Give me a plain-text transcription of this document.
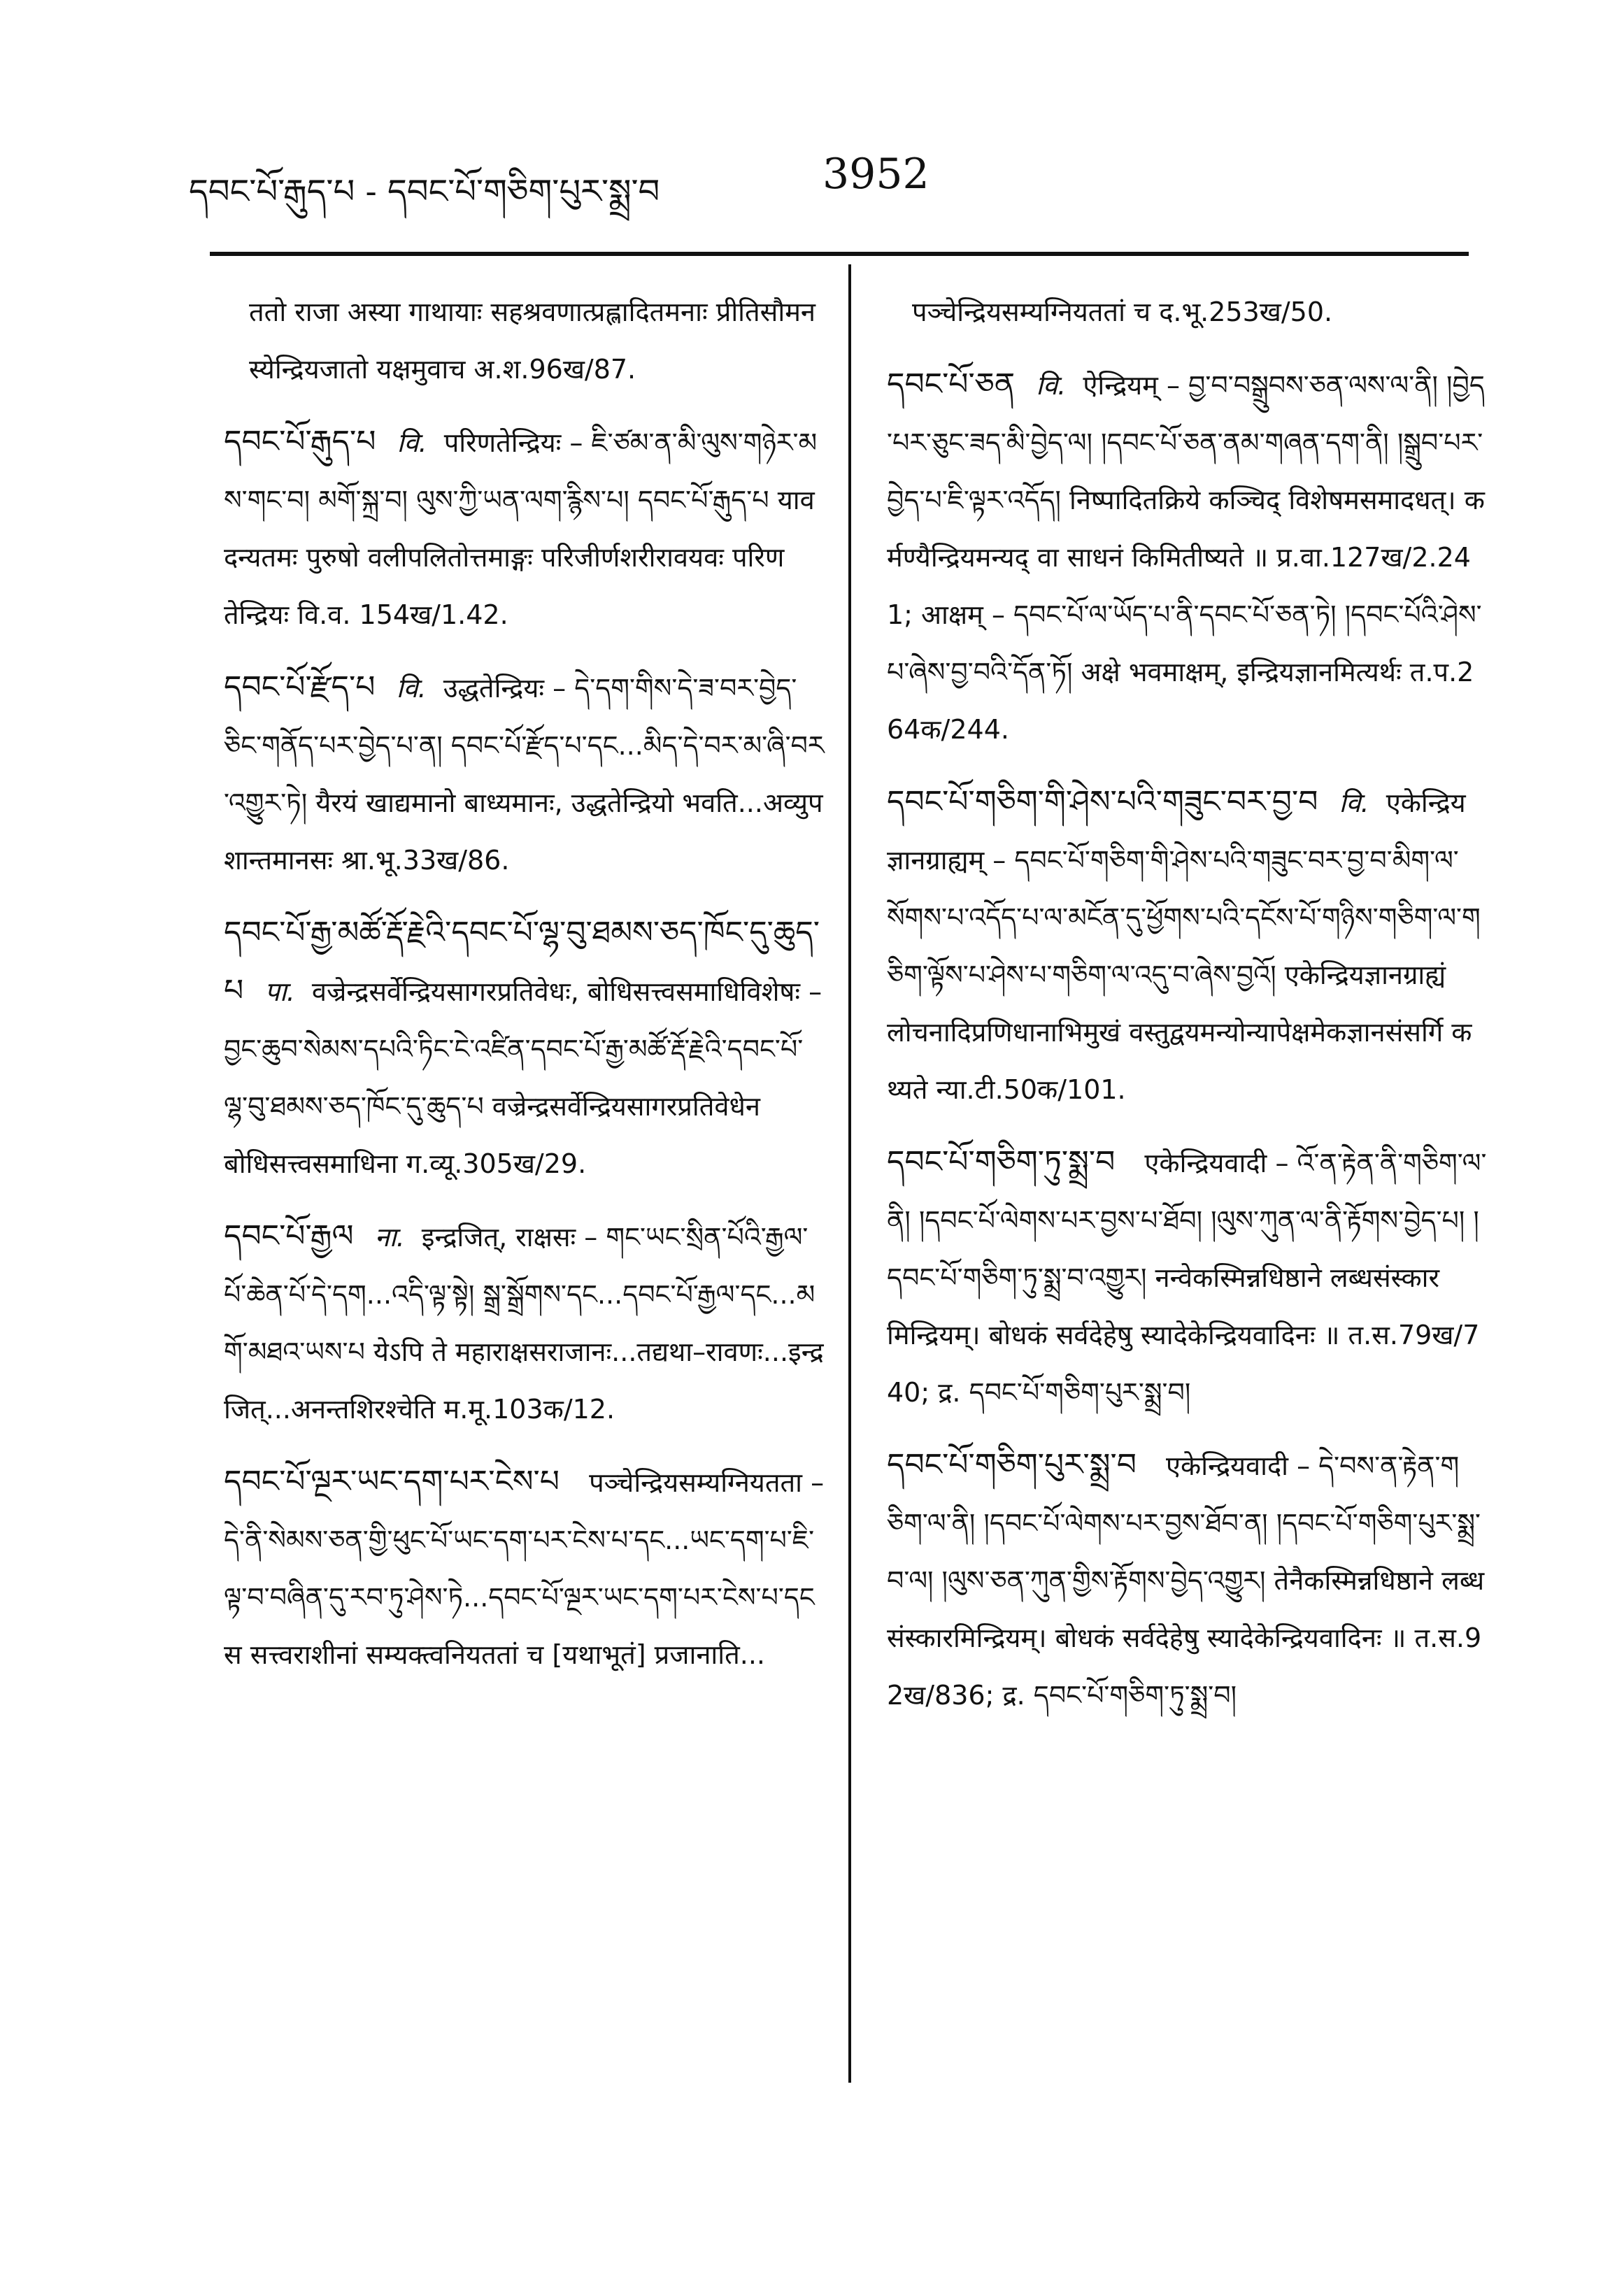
དབང་པོ་རྒུད་པ - དབང་པོ་གཅིག་པུར་སྨྲ་བ	3952
ततो राजा अस्या गाथायाः सहश्रवणात्प्रह्लादितमनाः प्रीतिसौमनस्येन्द्रियजातो यक्षमुवाच अ.श.96ख/87.
དབང་པོ་རྒུད་པ वि. परिणतेन्द्रियः – ཇི་ཙམ་ན་མི་ལུས་གཉེར་མས་གང་བ། མགོ་སྐྲ་བ། ལུས་ཀྱི་ཡན་ལག་རྙིས་པ། དབང་པོ་རྒུད་པ यावदन्यतमः पुरुषो वलीपलितोत्तमाङ्गः परिजीर्णशरीरावयवः परिणतेन्द्रियः वि.व. 154ख/1.42.
དབང་པོ་རྫོད་པ वि. उद्धतेन्द्रियः – དེ་དག་གིས་དེ་ཟ་བར་བྱེད་ཅིང་གནོད་པར་བྱེད་པ་ན། དབང་པོ་རྫོད་པ་དང...མིད་དེ་བར་མ་ཞི་བར་འགྱུར་ཏེ། यैरयं खाद्यमानो बाध्यमानः, उद्धतेन्द्रियो भवति...अव्युपशान्तमानसः श्रा.भू.33ख/86.
དབང་པོ་རྒྱ་མཚོ་རྡོ་རྗེའི་དབང་པོ་ལྷ་བུ་ཐམས་ཅད་ཁོང་དུ་ཆུད་པ पा. वज्रेन्द्रसर्वेन्द्रियसागरप्रतिवेधः, बोधिसत्त्वसमाधिविशेषः – བྱང་ཆུབ་སེམས་དཔའི་ཏིང་ངེ་འཛིན་དབང་པོ་རྒྱ་མཚོ་རྡོ་རྗེའི་དབང་པོ་ལྷ་བུ་ཐམས་ཅད་ཁོང་དུ་ཆུད་པ वज्रेन्द्रसर्वेन्द्रियसागरप्रतिवेधेन बोधिसत्त्वसमाधिना ग.व्यू.305ख/29.
དབང་པོ་རྒྱལ ना. इन्द्रजित्, राक्षसः – གང་ཡང་སྲིན་པོའི་རྒྱལ་པོ་ཆེན་པོ་དེ་དག...འདི་ལྟ་སྟེ། སྒྲ་སྒྲོགས་དང...དབང་པོ་རྒྱལ་དང...མགོ་མཐའ་ཡས་པ येऽपि ते महाराक्षसराजानः...तद्यथा–रावणः...इन्द्रजित्...अनन्तशिरश्चेति म.मू.103क/12.
དབང་པོ་ལྔར་ཡང་དག་པར་ངེས་པ पञ्चेन्द्रियसम्यग्नियतता – དེ་ནི་སེམས་ཅན་གྱི་ཕུང་པོ་ཡང་དག་པར་ངེས་པ་དང...ཡང་དག་པ་ཇི་ལྟ་བ་བཞིན་དུ་རབ་ཏུ་ཤེས་ཏེ...དབང་པོ་ལྔར་ཡང་དག་པར་ངེས་པ་དང स सत्त्वराशीनां सम्यक्त्वनियततां च [यथाभूतं] प्रजानाति...
पञ्चेन्द्रियसम्यग्नियततां च द.भू.253ख/50.
དབང་པོ་ཅན वि. ऐन्द्रियम् – བྱ་བ་བསྒྲུབས་ཅན་ལས་ལ་ནི། །བྱེད་པར་ཅུང་ཟད་མི་བྱེད་ལ། །དབང་པོ་ཅན་ནམ་གཞན་དག་ནི། །སྒྲུབ་པར་བྱེད་པ་ཇི་ལྟར་འདོད། निष्पादितक्रिये कञ्चिद् विशेषमसमादधत्। कर्मण्यैन्द्रियमन्यद् वा साधनं किमितीष्यते ॥ प्र.वा.127ख/2.241; आक्षम् – དབང་པོ་ལ་ཡོད་པ་ནི་དབང་པོ་ཅན་ཏེ། །དབང་པོའི་ཤེས་པ་ཞེས་བྱ་བའི་དོན་ཏོ། अक्षे भवमाक्षम्, इन्द्रियज्ञानमित्यर्थः त.प.264क/244.
དབང་པོ་གཅིག་གི་ཤེས་པའི་གཟུང་བར་བྱ་བ वि. एकेन्द्रियज्ञानग्राह्यम् – དབང་པོ་གཅིག་གི་ཤེས་པའི་གཟུང་བར་བྱ་བ་མིག་ལ་སོགས་པ་འདོད་པ་ལ་མངོན་དུ་ཕྱོགས་པའི་དངོས་པོ་གཉིས་གཅིག་ལ་གཅིག་ལྟོས་པ་ཤེས་པ་གཅིག་ལ་འདུ་བ་ཞེས་བྱའོ། एकेन्द्रियज्ञानग्राह्यं लोचनादिप्रणिधानाभिमुखं वस्तुद्वयमन्योन्यापेक्षमेकज्ञानसंसर्गि कथ्यते न्या.टी.50क/101.
དབང་པོ་གཅིག་ཏུ་སྨྲ་བ एकेन्द्रियवादी – འོ་ན་རྟེན་ནི་གཅིག་ལ་ནི། །དབང་པོ་ལེགས་པར་བྱས་པ་ཐོབ། །ལུས་ཀུན་ལ་ནི་རྟོགས་བྱེད་པ། །དབང་པོ་གཅིག་ཏུ་སྨྲ་བ་འགྱུར། नन्वेकस्मिन्नधिष्ठाने लब्धसंस्कारमिन्द्रियम्। बोधकं सर्वदेहेषु स्यादेकेन्द्रियवादिनः ॥ त.स.79ख/740; द्र. དབང་པོ་གཅིག་པུར་སྨྲ་བ།
དབང་པོ་གཅིག་པུར་སྨྲ་བ एकेन्द्रियवादी – དེ་བས་ན་རྟེན་གཅིག་ལ་ནི། །དབང་པོ་ལེགས་པར་བྱས་ཐོབ་ན། །དབང་པོ་གཅིག་པུར་སྨྲ་བ་ལ། །ལུས་ཅན་ཀུན་གྱིས་རྟོགས་བྱེད་འགྱུར། तेनैकस्मिन्नधिष्ठाने लब्धसंस्कारमिन्द्रियम्। बोधकं सर्वदेहेषु स्यादेकेन्द्रियवादिनः ॥ त.स.92ख/836; द्र. དབང་པོ་གཅིག་ཏུ་སྨྲ་བ།
